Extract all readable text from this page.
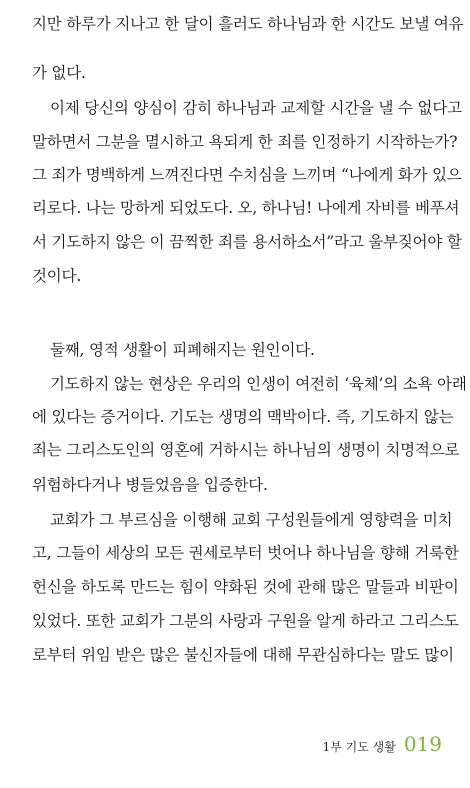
지만 하루가 지나고 한 달이 흘러도 하나님과 한 시간도 보낼 여유
가 없다.
이제 당신의 양심이 감히 하나님과 교제할 시간을 낼 수 없다고
말하면서 그분을 멸시하고 욕되게 한 죄를 인정하기 시작하는가?
그 죄가 명백하게 느껴진다면 수치심을 느끼며 “나에게 화가 있으
리로다. 나는 망하게 되었도다. 오, 하나님! 나에게 자비를 베푸셔
서 기도하지 않은 이 끔찍한 죄를 용서하소서”라고 울부짖어야 할
것이다.
둘째, 영적 생활이 피폐해지는 원인이다.
기도하지 않는 현상은 우리의 인생이 여전히 ‘육체’의 소욕 아래
에 있다는 증거이다. 기도는 생명의 맥박이다. 즉, 기도하지 않는
죄는 그리스도인의 영혼에 거하시는 하나님의 생명이 치명적으로
위험하다거나 병들었음을 입증한다.
교회가 그 부르심을 이행해 교회 구성원들에게 영향력을 미치
고, 그들이 세상의 모든 권세로부터 벗어나 하나님을 향해 거룩한
헌신을 하도록 만드는 힘이 약화된 것에 관해 많은 말들과 비판이
있었다. 또한 교회가 그분의 사랑과 구원을 알게 하라고 그리스도
로부터 위임 받은 많은 불신자들에 대해 무관심하다는 말도 많이
1부 기도 생활 019
